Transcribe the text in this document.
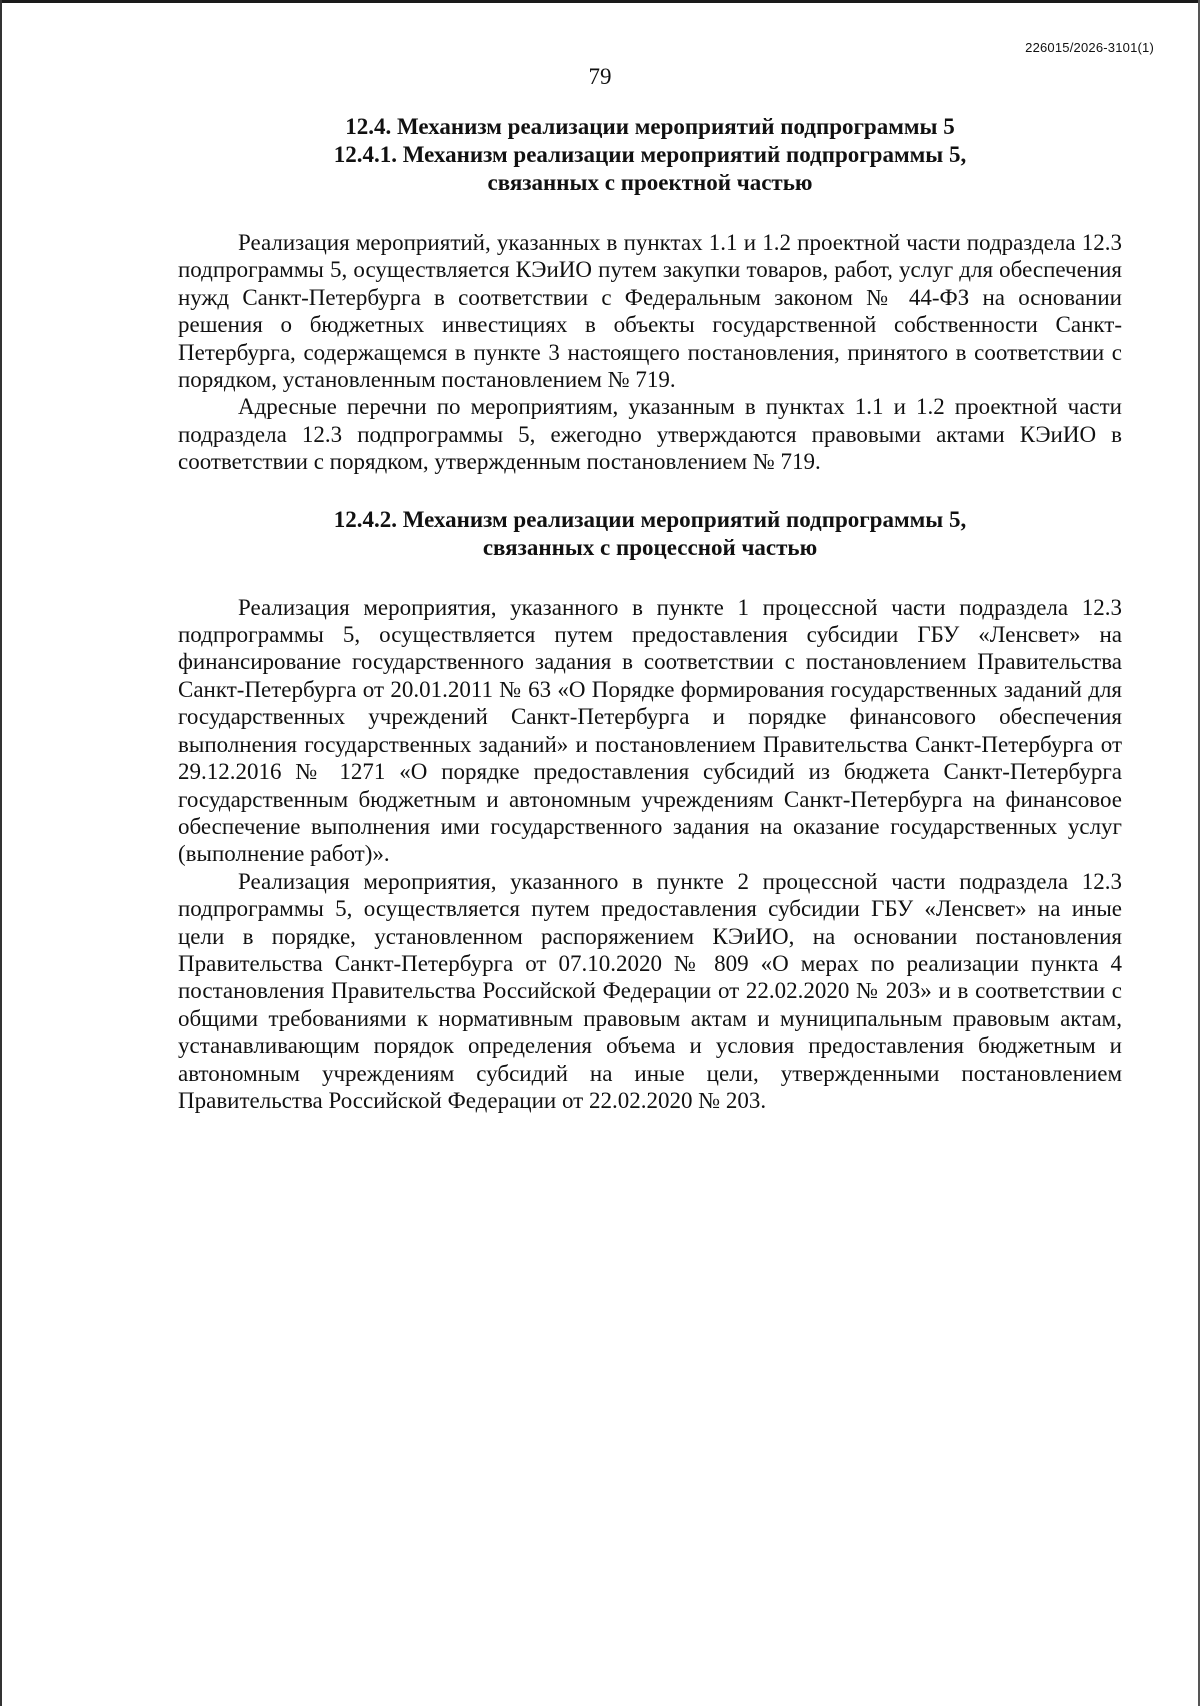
226015/2026-3101(1)
79
12.4. Механизм реализации мероприятий подпрограммы 5
12.4.1. Механизм реализации мероприятий подпрограммы 5,
связанных с проектной частью

Реализация мероприятий, указанных в пунктах 1.1 и 1.2 проектной части подраздела 12.3 подпрограммы 5, осуществляется КЭиИО путем закупки товаров, работ, услуг для обеспечения нужд Санкт-Петербурга в соответствии с Федеральным законом № 44-ФЗ на основании решения о бюджетных инвестициях в объекты государственной собственности Санкт-Петербурга, содержащемся в пункте 3 настоящего постановления, принятого в соответствии с порядком, установленным постановлением № 719.

Адресные перечни по мероприятиям, указанным в пунктах 1.1 и 1.2 проектной части подраздела 12.3 подпрограммы 5, ежегодно утверждаются правовыми актами КЭиИО в соответствии с порядком, утвержденным постановлением № 719.

12.4.2. Механизм реализации мероприятий подпрограммы 5,
связанных с процессной частью

Реализация мероприятия, указанного в пункте 1 процессной части подраздела 12.3 подпрограммы 5, осуществляется путем предоставления субсидии ГБУ «Ленсвет» на финансирование государственного задания в соответствии с постановлением Правительства Санкт-Петербурга от 20.01.2011 № 63 «О Порядке формирования государственных заданий для государственных учреждений Санкт-Петербурга и порядке финансового обеспечения выполнения государственных заданий» и постановлением Правительства Санкт-Петербурга от 29.12.2016 № 1271 «О порядке предоставления субсидий из бюджета Санкт-Петербурга государственным бюджетным и автономным учреждениям Санкт-Петербурга на финансовое обеспечение выполнения ими государственного задания на оказание государственных услуг (выполнение работ)».

Реализация мероприятия, указанного в пункте 2 процессной части подраздела 12.3 подпрограммы 5, осуществляется путем предоставления субсидии ГБУ «Ленсвет» на иные цели в порядке, установленном распоряжением КЭиИО, на основании постановления Правительства Санкт-Петербурга от 07.10.2020 № 809 «О мерах по реализации пункта 4 постановления Правительства Российской Федерации от 22.02.2020 № 203» и в соответствии с общими требованиями к нормативным правовым актам и муниципальным правовым актам, устанавливающим порядок определения объема и условия предоставления бюджетным и автономным учреждениям субсидий на иные цели, утвержденными постановлением Правительства Российской Федерации от 22.02.2020 № 203.
